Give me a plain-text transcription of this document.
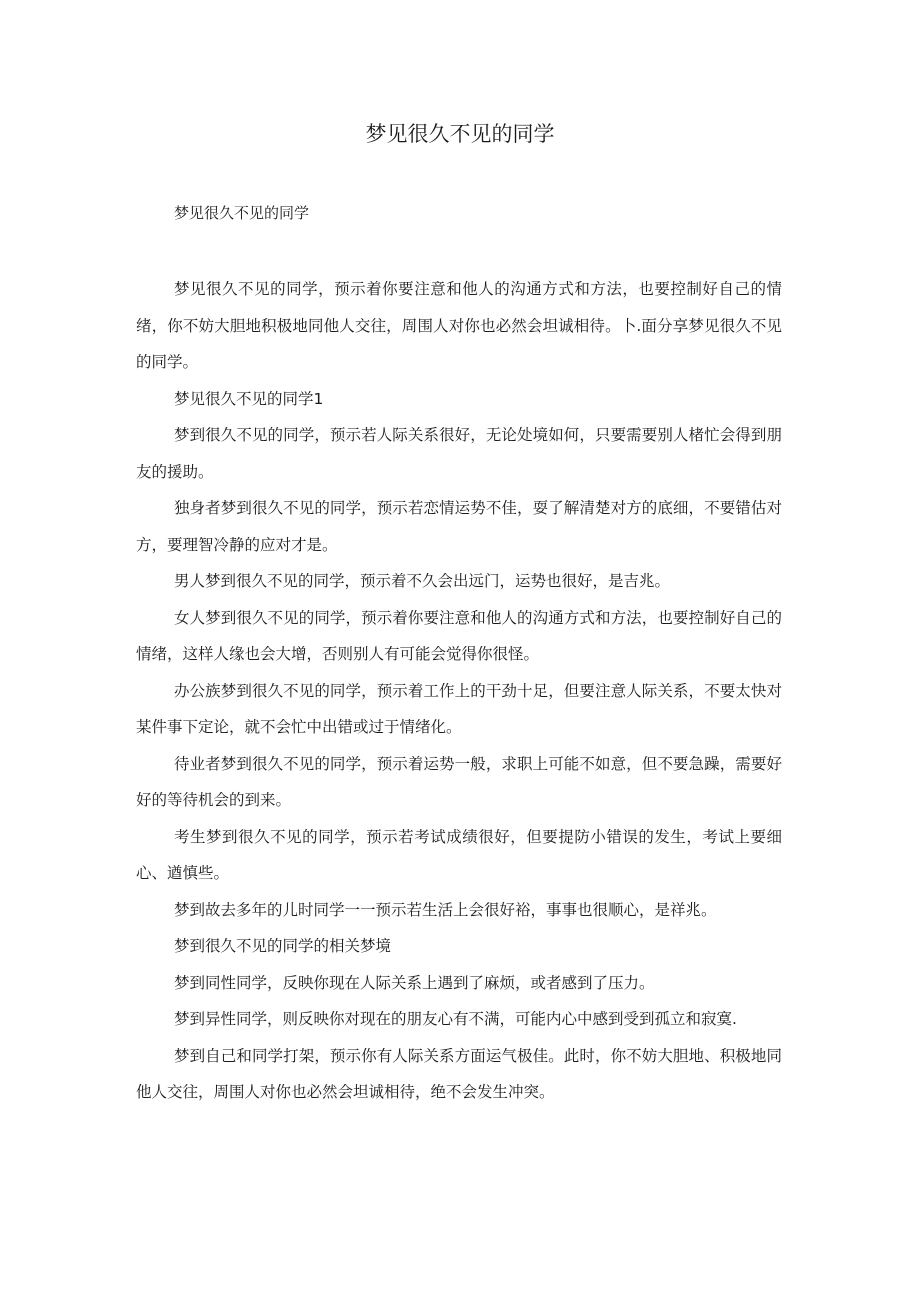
梦见很久不见的同学
梦见很久不见的同学

梦见很久不见的同学，预示着你要注意和他人的沟通方式和方法，也要控制好自己的情绪，你不妨大胆地积极地同他人交往，周围人对你也必然会坦诚相待。卜.面分享梦见很久不见的同学。

梦见很久不见的同学1

梦到很久不见的同学，预示若人际关系很好，无论处境如何，只要需要别人楮忙会得到朋友的援助。

独身者梦到很久不见的同学，预示若恋情运势不佳，耍了解清楚对方的底细，不要错估对方，要理智冷静的应对才是。

男人梦到很久不见的同学，预示着不久会出远门，运势也很好，是吉兆。

女人梦到很久不见的同学，预示着你要注意和他人的沟通方式和方法，也要控制好自己的情绪，这样人缘也会大增，否则别人有可能会觉得你很怪。

办公族梦到很久不见的同学，预示着工作上的干劲十足，但要注意人际关系，不要太快对某件事下定论，就不会忙中出错或过于情绪化。

待业者梦到很久不见的同学，预示着运势一般，求职上可能不如意，但不要急躁，需要好好的等待机会的到来。

考生梦到很久不见的同学，预示若考试成绩很好，但要提防小错误的发生，考试上要细心、遒慎些。

梦到故去多年的儿时同学一一预示若生活上会很好裕，事事也很顺心，是祥兆。

梦到很久不见的同学的相关梦境

梦到同性同学，反映你现在人际关系上遇到了麻烦，或者感到了压力。

梦到异性同学，则反映你对现在的朋友心有不满，可能内心中感到受到孤立和寂寞.

梦到自己和同学打架，预示你有人际关系方面运气极佳。此时，你不妨大胆地、积极地同他人交往，周围人对你也必然会坦诚相待，绝不会发生冲突。
